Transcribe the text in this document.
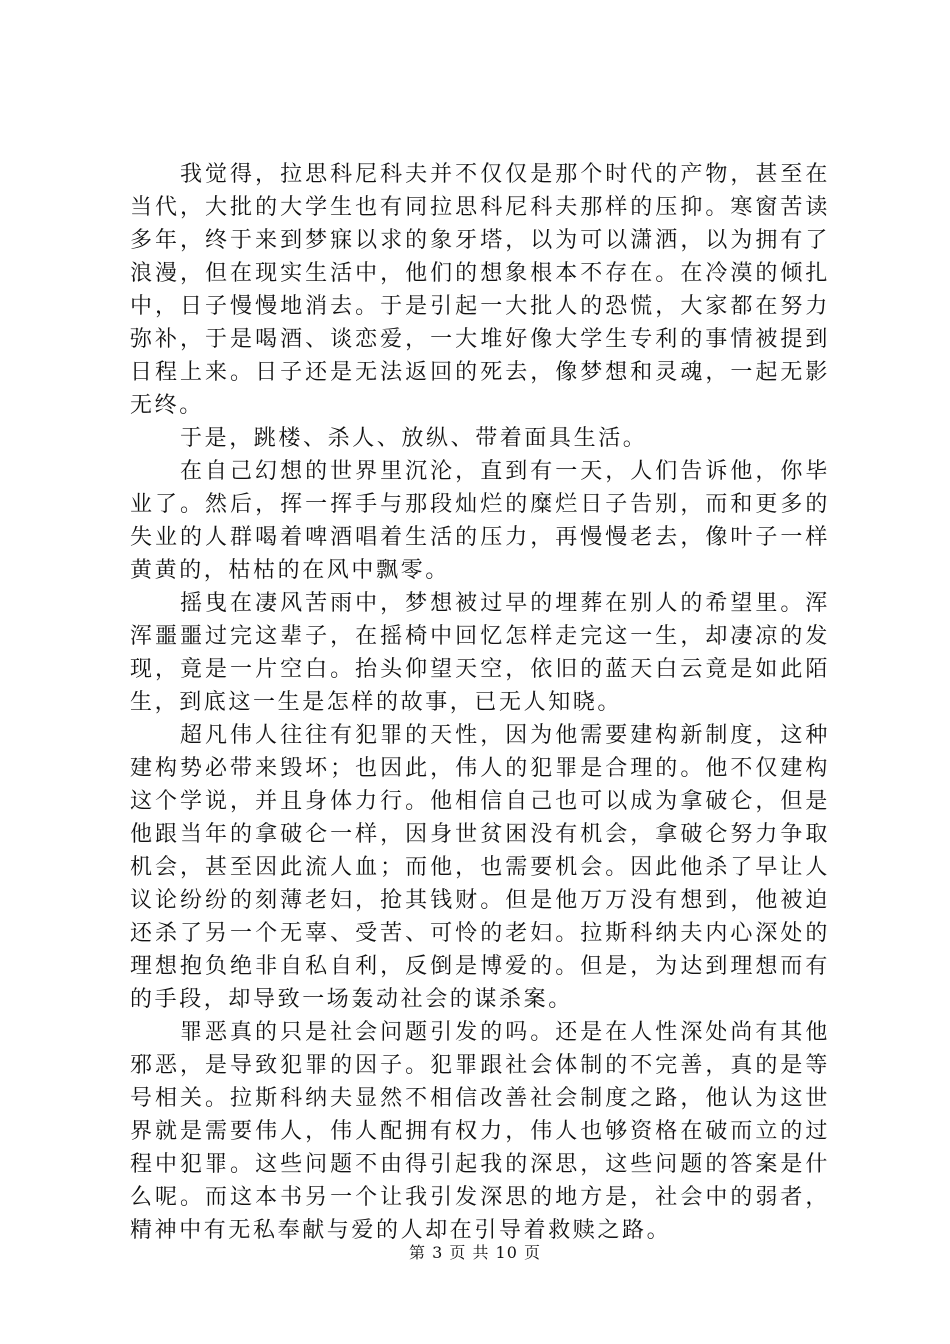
我觉得，拉思科尼科夫并不仅仅是那个时代的产物，甚至在当代，大批的大学生也有同拉思科尼科夫那样的压抑。寒窗苦读多年，终于来到梦寐以求的象牙塔，以为可以潇洒，以为拥有了浪漫，但在现实生活中，他们的想象根本不存在。在冷漠的倾扎中，日子慢慢地消去。于是引起一大批人的恐慌，大家都在努力弥补，于是喝酒、谈恋爱，一大堆好像大学生专利的事情被提到日程上来。日子还是无法返回的死去，像梦想和灵魂，一起无影无终。

于是，跳楼、杀人、放纵、带着面具生活。

在自己幻想的世界里沉沦，直到有一天，人们告诉他，你毕业了。然后，挥一挥手与那段灿烂的糜烂日子告别，而和更多的失业的人群喝着啤酒唱着生活的压力，再慢慢老去，像叶子一样黄黄的，枯枯的在风中飘零。

摇曳在凄风苦雨中，梦想被过早的埋葬在别人的希望里。浑浑噩噩过完这辈子，在摇椅中回忆怎样走完这一生，却凄凉的发现，竟是一片空白。抬头仰望天空，依旧的蓝天白云竟是如此陌生，到底这一生是怎样的故事，已无人知晓。

超凡伟人往往有犯罪的天性，因为他需要建构新制度，这种建构势必带来毁坏；也因此，伟人的犯罪是合理的。他不仅建构这个学说，并且身体力行。他相信自己也可以成为拿破仑，但是他跟当年的拿破仑一样，因身世贫困没有机会，拿破仑努力争取机会，甚至因此流人血；而他，也需要机会。因此他杀了早让人议论纷纷的刻薄老妇，抢其钱财。但是他万万没有想到，他被迫还杀了另一个无辜、受苦、可怜的老妇。拉斯科纳夫内心深处的理想抱负绝非自私自利，反倒是博爱的。但是，为达到理想而有的手段，却导致一场轰动社会的谋杀案。

罪恶真的只是社会问题引发的吗。还是在人性深处尚有其他邪恶，是导致犯罪的因子。犯罪跟社会体制的不完善，真的是等号相关。拉斯科纳夫显然不相信改善社会制度之路，他认为这世界就是需要伟人，伟人配拥有权力，伟人也够资格在破而立的过程中犯罪。这些问题不由得引起我的深思，这些问题的答案是什么呢。而这本书另一个让我引发深思的地方是，社会中的弱者，精神中有无私奉献与爱的人却在引导着救赎之路。

第 3 页 共 10 页
